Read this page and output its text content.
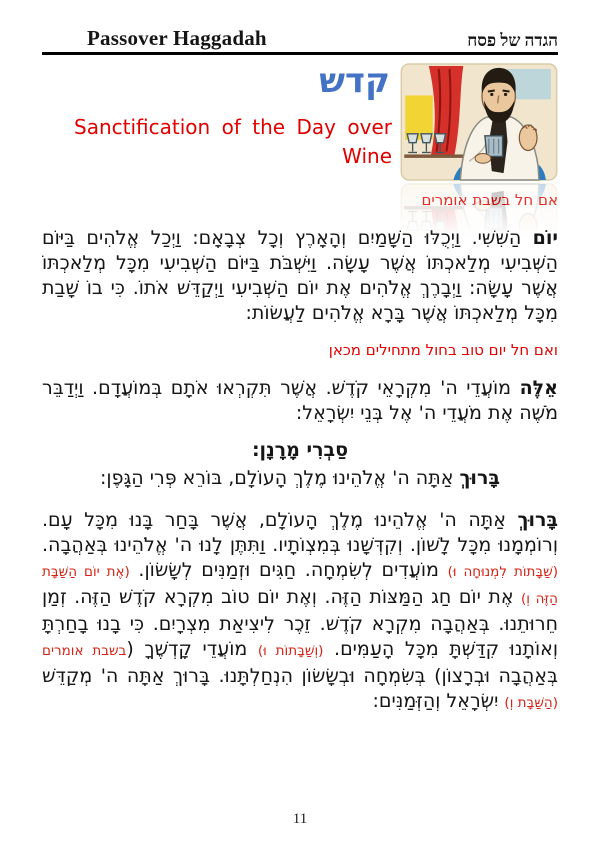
Passover Haggadah	הגדה של פסח
קדש
Sanctification of the Day over Wine
אם חל בשבת אומרים

יוֹם הַשִּׁשִּׁי. וַיְכֻלּוּ הַשָּׁמַיִם וְהָאָרֶץ וְכָל צְבָאָם: וַיְכַל אֱלֹהִים בַּיּוֹם הַשְּׁבִיעִי מְלַאכְתּוֹ אֲשֶׁר עָשָׂה. וַיִּשְׁבֹּת בַּיּוֹם הַשְּׁבִיעִי מִכָּל מְלַאכְתּוֹ אֲשֶׁר עָשָׂה: וַיְבָרֶךְ אֱלֹהִים אֶת יוֹם הַשְּׁבִיעִי וַיְקַדֵּשׁ אֹתוֹ. כִּי בוֹ שָׁבַת מִכָּל מְלַאכְתּוֹ אֲשֶׁר בָּרָא אֱלֹהִים לַעֲשׂוֹת:

ואם חל יום טוב בחול מתחילים מכאן

אֵלֶּה מוֹעֲדֵי ה' מִקְרָאֵי קֹדֶשׁ. אֲשֶׁר תִּקְרְאוּ אֹתָם בְּמוֹעֲדָם. וַיְדַבֵּר מֹשֶׁה אֶת מֹעֲדֵי ה' אֶל בְּנֵי יִשְׂרָאֵל:

סַבְרִי מָרָנָן:
בָּרוּךְ אַתָּה ה' אֱלֹהֵינוּ מֶלֶךְ הָעוֹלָם, בּוֹרֵא פְּרִי הַגָּפֶן:

בָּרוּךְ אַתָּה ה' אֱלֹהֵינוּ מֶלֶךְ הָעוֹלָם, אֲשֶׁר בָּחַר בָּנוּ מִכָּל עָם. וְרוֹמְמָנוּ מִכָּל לָשׁוֹן. וְקִדְּשָׁנוּ בְּמִצְוֹתָיו. וַתִּתֶּן לָנוּ ה' אֱלֹהֵינוּ בְּאַהֲבָה. (שַׁבָּתוֹת לִמְנוּחָה וּ) מוֹעֲדִים לְשִׂמְחָה. חַגִּים וּזְמַנִּים לְשָׂשׂוֹן. (אֶת יוֹם הַשַּׁבָּת הַזֶּה וְ) אֶת יוֹם חַג הַמַּצּוֹת הַזֶּה. וְאֶת יוֹם טוֹב מִקְרָא קֹדֶשׁ הַזֶּה. זְמַן חֵרוּתֵנוּ. בְּאַהֲבָה מִקְרָא קֹדֶשׁ. זֵכֶר לִיצִיאַת מִצְרָיִם. כִּי בָנוּ בָחַרְתָּ וְאוֹתָנוּ קִדַּשְׁתָּ מִכָּל הָעַמִּים. (וְשַׁבָּתוֹת וּ) מוֹעֲדֵי קָדְשֶׁךָ (בשבת אומרים בְּאַהֲבָה וּבְרָצוֹן) בְּשִׂמְחָה וּבְשָׂשׂוֹן הִנְחַלְתָּנוּ. בָּרוּךְ אַתָּה ה' מְקַדֵּשׁ (הַשַּׁבָּת וְ) יִשְׂרָאֵל וְהַזְּמַנִּים:

11
